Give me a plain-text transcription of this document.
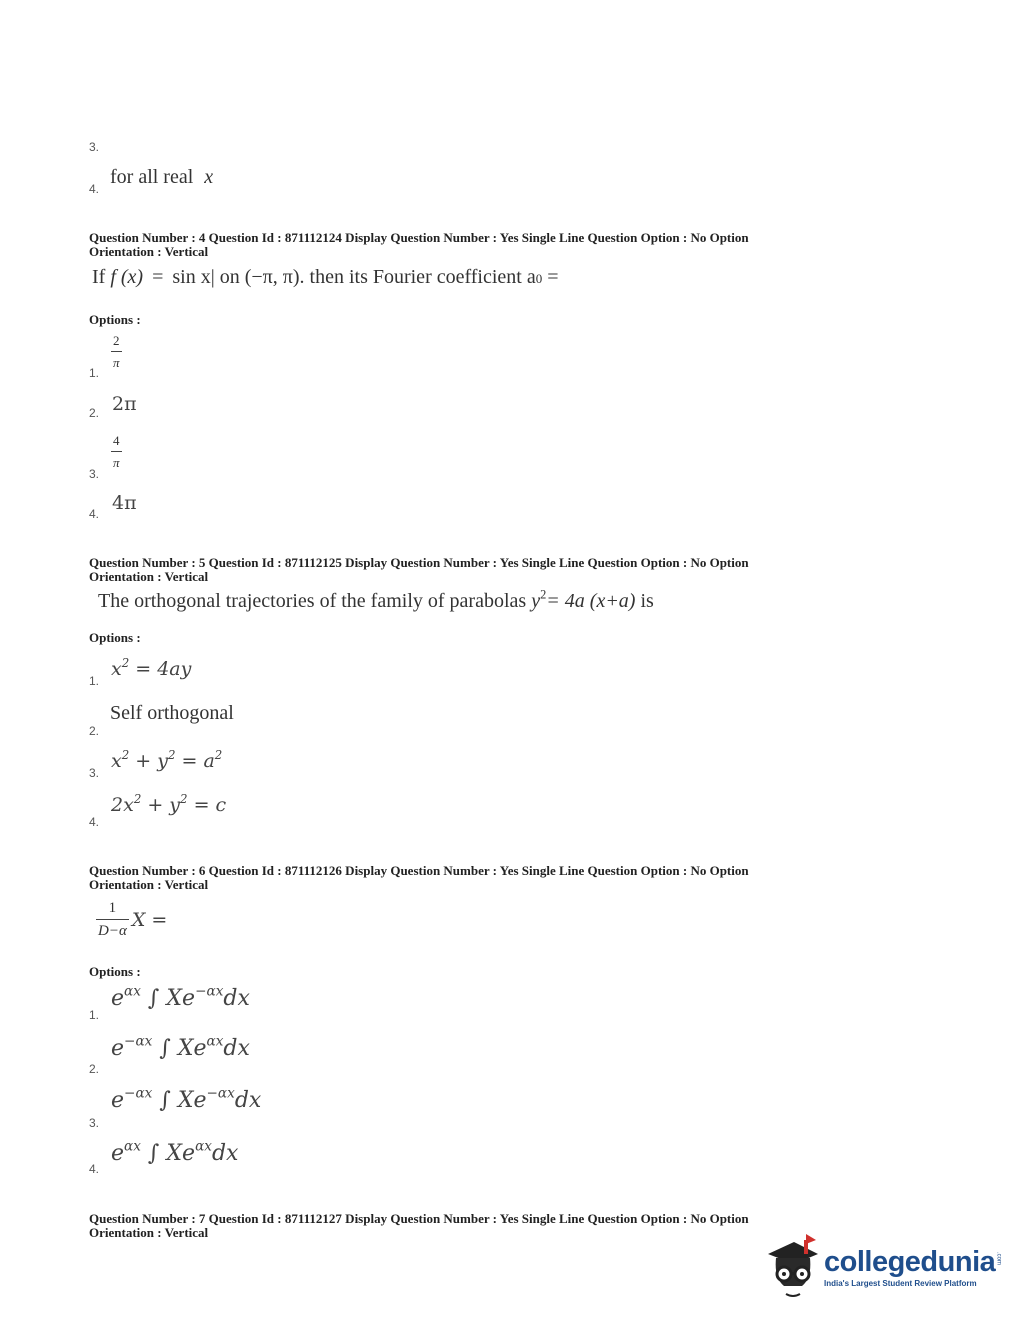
3.
4.
for all real x
Question Number : 4 Question Id : 871112124 Display Question Number : Yes Single Line Question Option : No Option
Orientation : Vertical
If f (x) = sin x| on (−π, π). then its Fourier coefficient a0 =
Options :
1.
$\frac{2}{\pi}$
2. 2π
3.
$\frac{4}{\pi}$
4. 4π
Question Number : 5 Question Id : 871112125 Display Question Number : Yes Single Line Question Option : No Option
Orientation : Vertical
The orthogonal trajectories of the family of parabolas $y^2= 4a$ (x+a) is
Options :
1.
$x^2 = 4ay$
2.
Self orthogonal
3.
$x^2 + y^2 = a^2$
4.
$2x^2 + y^2 = c$
Question Number : 6 Question Id : 871112126 Display Question Number : Yes Single Line Question Option : No Option
Orientation : Vertical
$\frac{1}{D-\alpha}$ X =
Options :
1.
$e^{\alpha x}$ ∫ $Xe^{-\alpha x}dx$
2.
$e^{-\alpha x}$ ∫ $Xe^{\alpha x}dx$
3.
$e^{-\alpha x}$ ∫ $Xe^{-\alpha x}dx$
4.
$e^{\alpha x}$ ∫ $Xe^{\alpha x}dx$
Question Number : 7 Question Id : 871112127 Display Question Number : Yes Single Line Question Option : No Option
Orientation : Vertical
collegedunia .com
India's Largest Student Review Platform
